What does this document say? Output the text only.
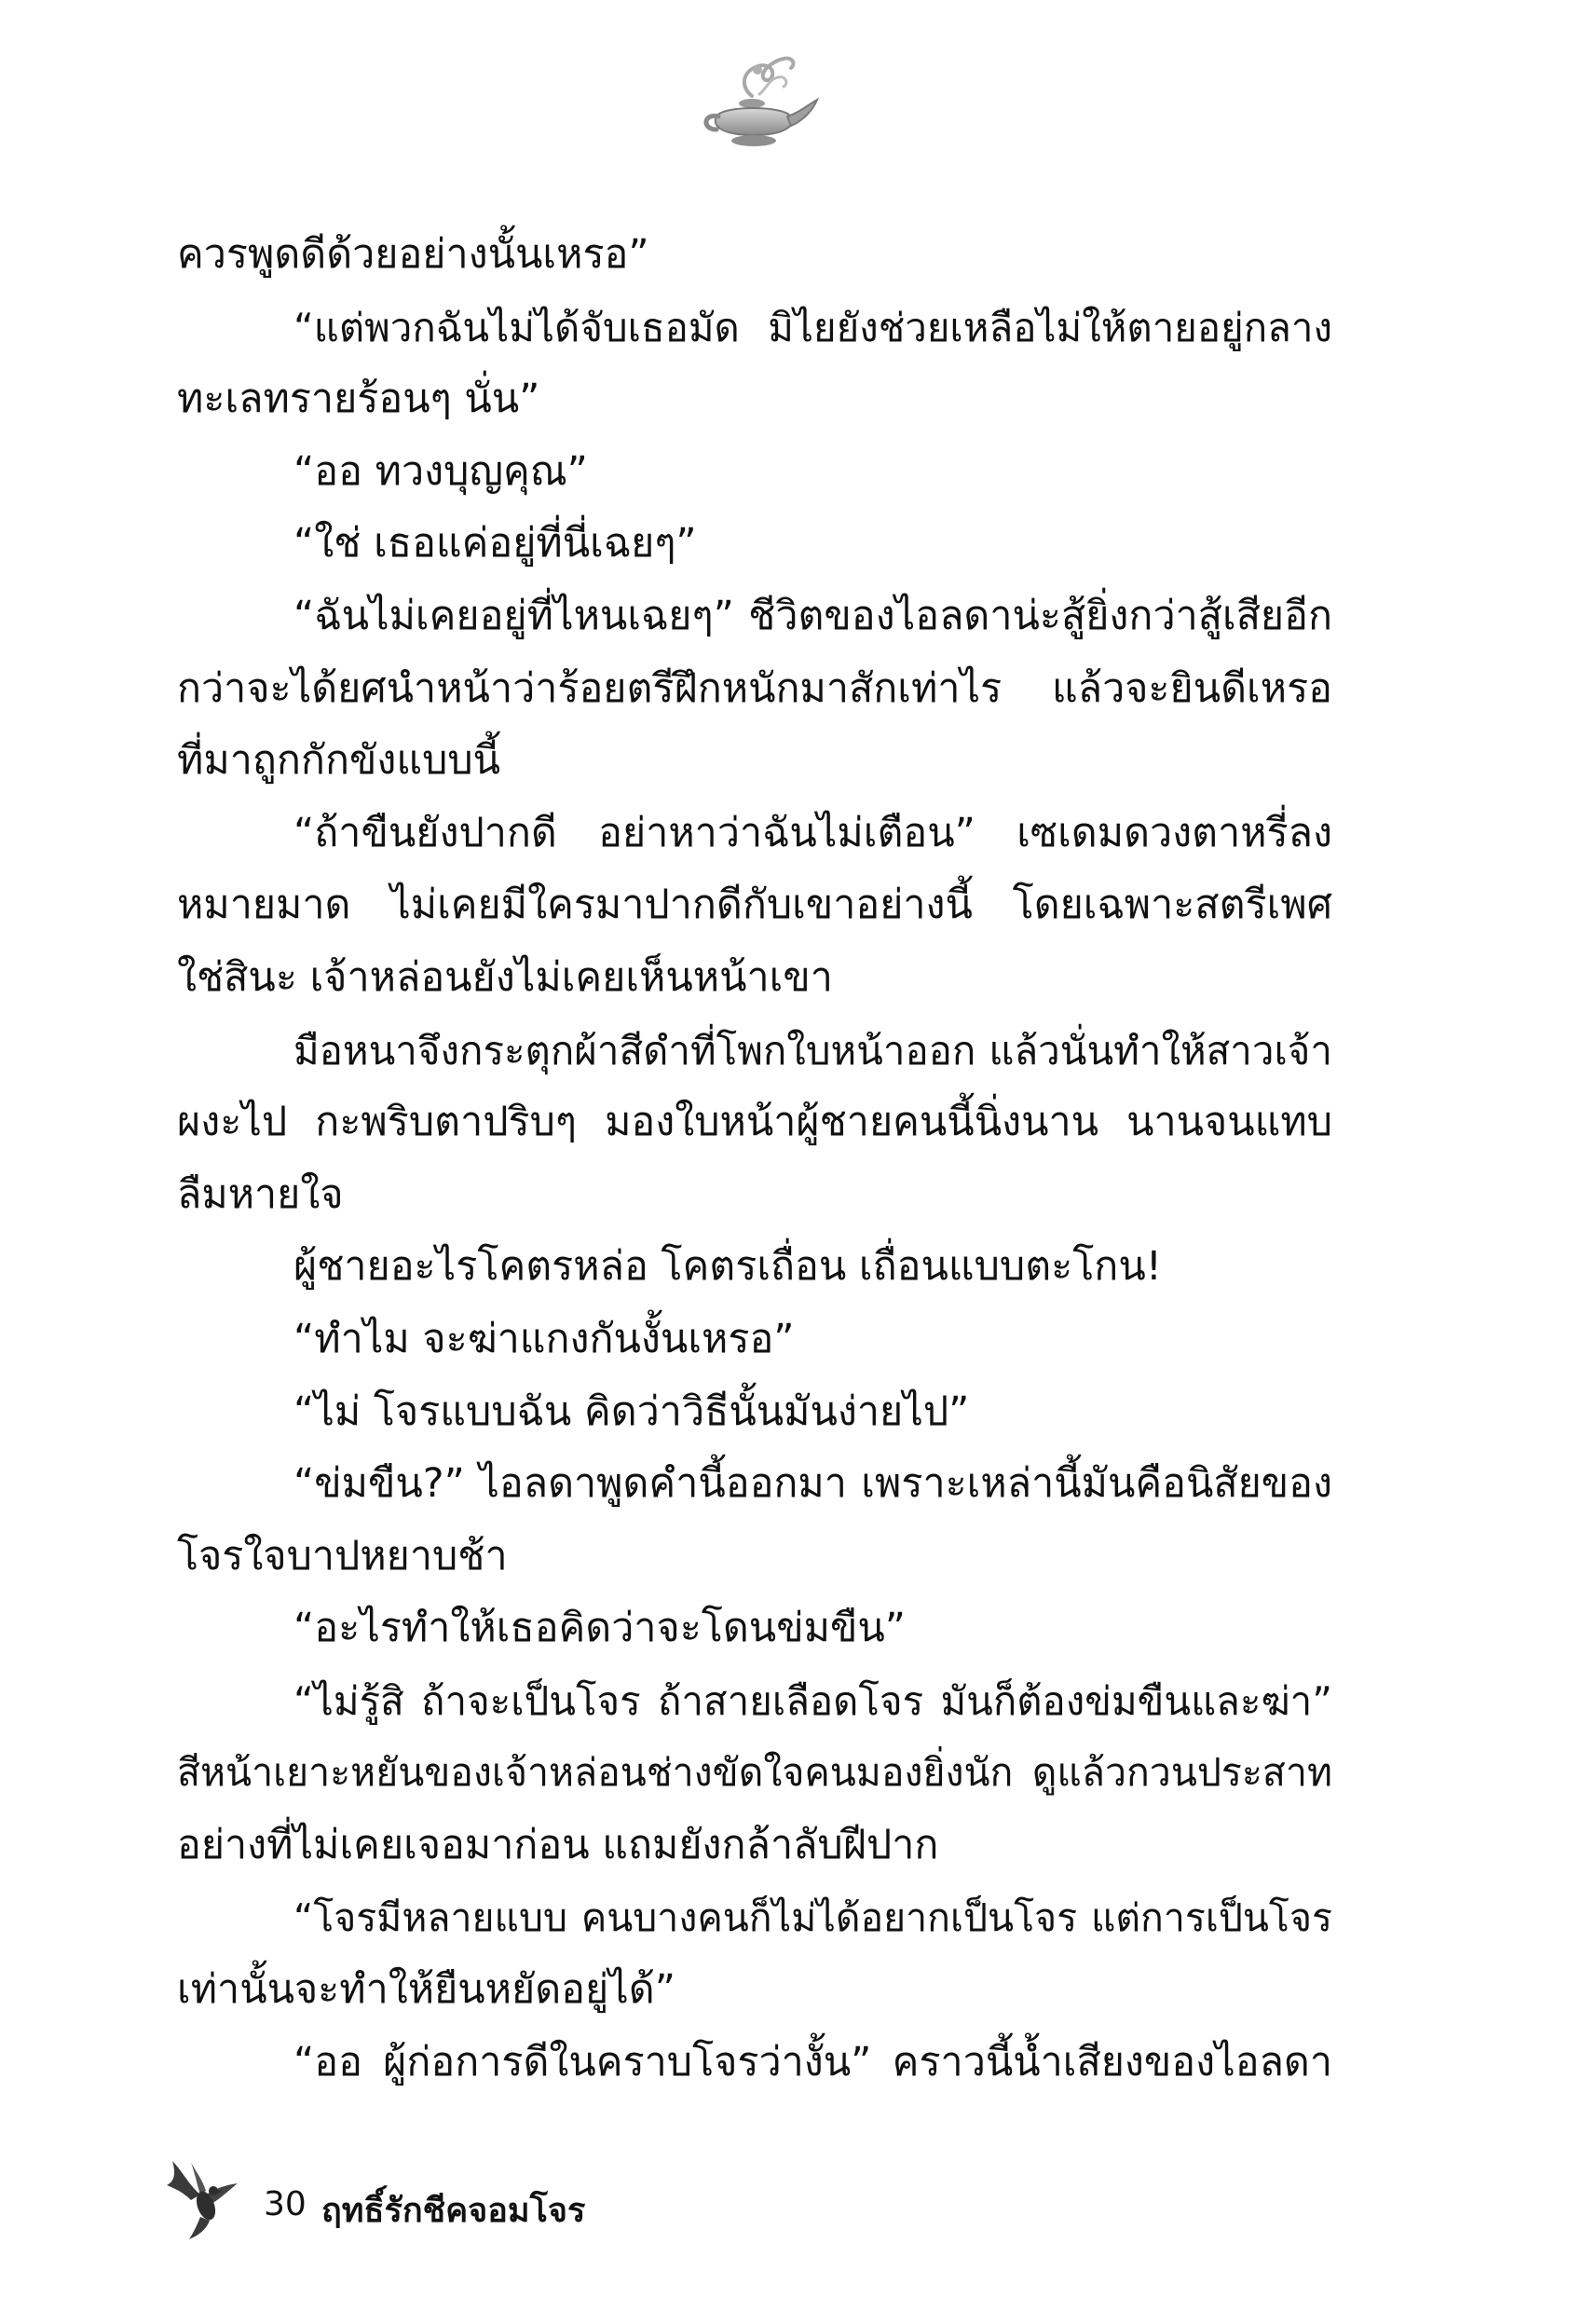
ควรพูดดีด้วยอย่างนั้นเหรอ”
“แต่พวกฉันไม่ได้จับเธอมัด มิไยยังช่วยเหลือไม่ให้ตายอยู่กลาง
ทะเลทรายร้อนๆ นั่น”
“ออ ทวงบุญคุณ”
“ใช่ เธอแค่อยู่ที่นี่เฉยๆ”
“ฉันไม่เคยอยู่ที่ไหนเฉยๆ” ชีวิตของไอลดาน่ะสู้ยิ่งกว่าสู้เสียอีก
กว่าจะได้ยศนำหน้าว่าร้อยตรีฝึกหนักมาสักเท่าไร แล้วจะยินดีเหรอ
ที่มาถูกกักขังแบบนี้
“ถ้าขืนยังปากดี อย่าหาว่าฉันไม่เตือน” เซเดมดวงตาหรี่ลง
หมายมาด ไม่เคยมีใครมาปากดีกับเขาอย่างนี้ โดยเฉพาะสตรีเพศ
ใช่สินะ เจ้าหล่อนยังไม่เคยเห็นหน้าเขา
มือหนาจึงกระตุกผ้าสีดำที่โพกใบหน้าออก แล้วนั่นทำให้สาวเจ้า
ผงะไป กะพริบตาปริบๆ มองใบหน้าผู้ชายคนนี้นิ่งนาน นานจนแทบ
ลืมหายใจ
ผู้ชายอะไรโคตรหล่อ โคตรเถื่อน เถื่อนแบบตะโกน!
“ทำไม จะฆ่าแกงกันงั้นเหรอ”
“ไม่ โจรแบบฉัน คิดว่าวิธีนั้นมันง่ายไป”
“ข่มขืน?” ไอลดาพูดคำนี้ออกมา เพราะเหล่านี้มันคือนิสัยของ
โจรใจบาปหยาบช้า
“อะไรทำให้เธอคิดว่าจะโดนข่มขืน”
“ไม่รู้สิ ถ้าจะเป็นโจร ถ้าสายเลือดโจร มันก็ต้องข่มขืนและฆ่า”
สีหน้าเยาะหยันของเจ้าหล่อนช่างขัดใจคนมองยิ่งนัก ดูแล้วกวนประสาท
อย่างที่ไม่เคยเจอมาก่อน แถมยังกล้าลับฝีปาก
“โจรมีหลายแบบ คนบางคนก็ไม่ได้อยากเป็นโจร แต่การเป็นโจร
เท่านั้นจะทำให้ยืนหยัดอยู่ได้”
“ออ ผู้ก่อการดีในคราบโจรว่างั้น” คราวนี้น้ำเสียงของไอลดา
30 ฤทธิ์รักชีคจอมโจร
